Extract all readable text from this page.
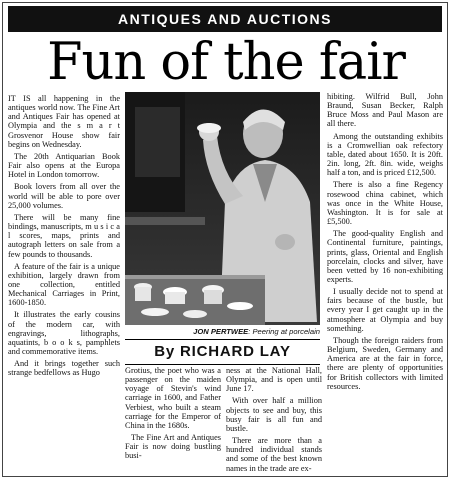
ANTIQUES AND AUCTIONS
Fun of the fair

IT IS all happening in the antiques world now. The Fine Art and Antiques Fair has opened at Olympia and the s m a r t Grosvenor House show fair begins on Wednesday.

The 20th Antiquarian Book Fair also opens at the Europa Hotel in London tomorrow.

Book lovers from all over the world will be able to pore over 25,000 volumes.

There will be many fine bindings, manuscripts, m u s i c a l scores, maps, prints and autograph letters on sale from a few pounds to thousands.

A feature of the fair is a unique exhibition, largely drawn from one collection, entitled Mechanical Carriages in Print, 1600-1850.

It illustrates the early cousins of the modern car, with engravings, lithographs, aquatints, b o o k s, pamphlets and commemorative items.

And it brings together such strange bedfellows as Hugo

JON PERTWEE: Peering at porcelain
By RICHARD LAY

Grotius, the poet who was a passenger on the maiden voyage of Stevin's wind carriage in 1600, and Father Verbiest, who built a steam carriage for the Emperor of China in the 1680s.

The Fine Art and Antiques Fair is now doing bustling busi-

ness at the National Hall, Olympia, and is open until June 17.

With over half a million objects to see and buy, this busy fair is all fun and bustle.

There are more than a hundred individual stands and some of the best known names in the trade are ex-

hibiting. Wilfrid Bull, John Braund, Susan Becker, Ralph Bruce Moss and Paul Mason are all there.

Among the outstanding exhibits is a Cromwellian oak refectory table, dated about 1650. It is 20ft. 2in. long, 2ft. 8in. wide, weighs half a ton, and is priced £12,500.

There is also a fine Regency rosewood china cabinet, which was once in the White House, Washington. It is for sale at £5,500.

The good-quality English and Continental furniture, paintings, prints, glass, Oriental and English porcelain, clocks and silver, have been vetted by 16 non-exhibiting experts.

I usually decide not to spend at fairs because of the bustle, but every year I get caught up in the atmosphere at Olympia and buy something.

Though the foreign raiders from Belgium, Sweden, Germany and America are at the fair in force, there are plenty of opportunities for British collectors with limited resources.
